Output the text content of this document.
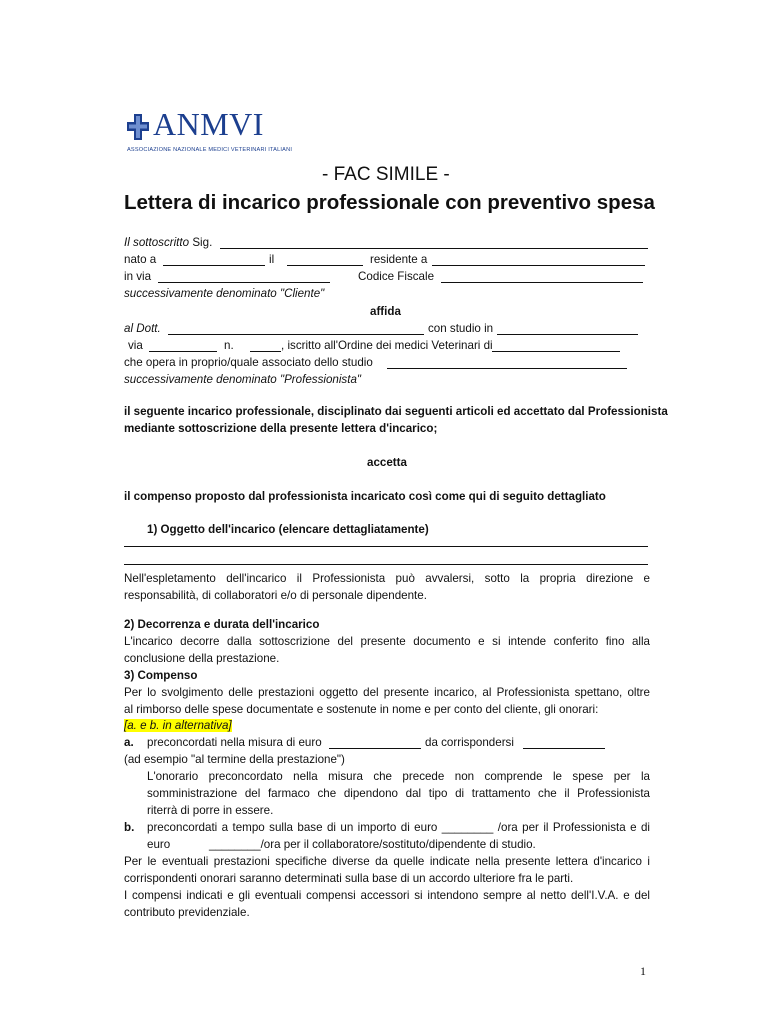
ANMVI
ASSOCIAZIONE NAZIONALE MEDICI VETERINARI ITALIANI
- FAC SIMILE -
Lettera di incarico professionale con preventivo spesa
Il sottoscritto Sig.
nato a	il	residente a
in via	Codice Fiscale
successivamente denominato "Cliente"
affida
al Dott.	con studio in
via	n.	, iscritto all'Ordine dei medici Veterinari di
che opera in proprio/quale associato dello studio
successivamente denominato "Professionista"
il seguente incarico professionale, disciplinato dai seguenti articoli ed accettato dal Professionista
mediante sottoscrizione della presente lettera d'incarico;
accetta
il compenso proposto dal professionista incaricato così come qui di seguito dettagliato
1) Oggetto dell'incarico (elencare dettagliatamente)
Nell'espletamento dell'incarico il Professionista può avvalersi, sotto la propria direzione e
responsabilità, di collaboratori e/o di personale dipendente.
2) Decorrenza e durata dell'incarico
L'incarico decorre dalla sottoscrizione del presente documento e si intende conferito fino alla
conclusione della prestazione.
3) Compenso
Per lo svolgimento delle prestazioni oggetto del presente incarico, al Professionista spettano, oltre
al rimborso delle spese documentate e sostenute in nome e per conto del cliente, gli onorari:
[a. e b. in alternativa]
a. preconcordati nella misura di euro	da corrispondersi
(ad esempio "al termine della prestazione")
L'onorario preconcordato nella misura che precede non comprende le spese per la
somministrazione del farmaco che dipendono dal tipo di trattamento che il Professionista
riterrà di porre in essere.
b. preconcordati a tempo sulla base di un importo di euro ________ /ora per il Professionista e di
euro	________/ora per il collaboratore/sostituto/dipendente di studio.
Per le eventuali prestazioni specifiche diverse da quelle indicate nella presente lettera d'incarico i
corrispondenti onorari saranno determinati sulla base di un accordo ulteriore fra le parti.
I compensi indicati e gli eventuali compensi accessori si intendono sempre al netto dell'I.V.A. e del
contributo previdenziale.
1
